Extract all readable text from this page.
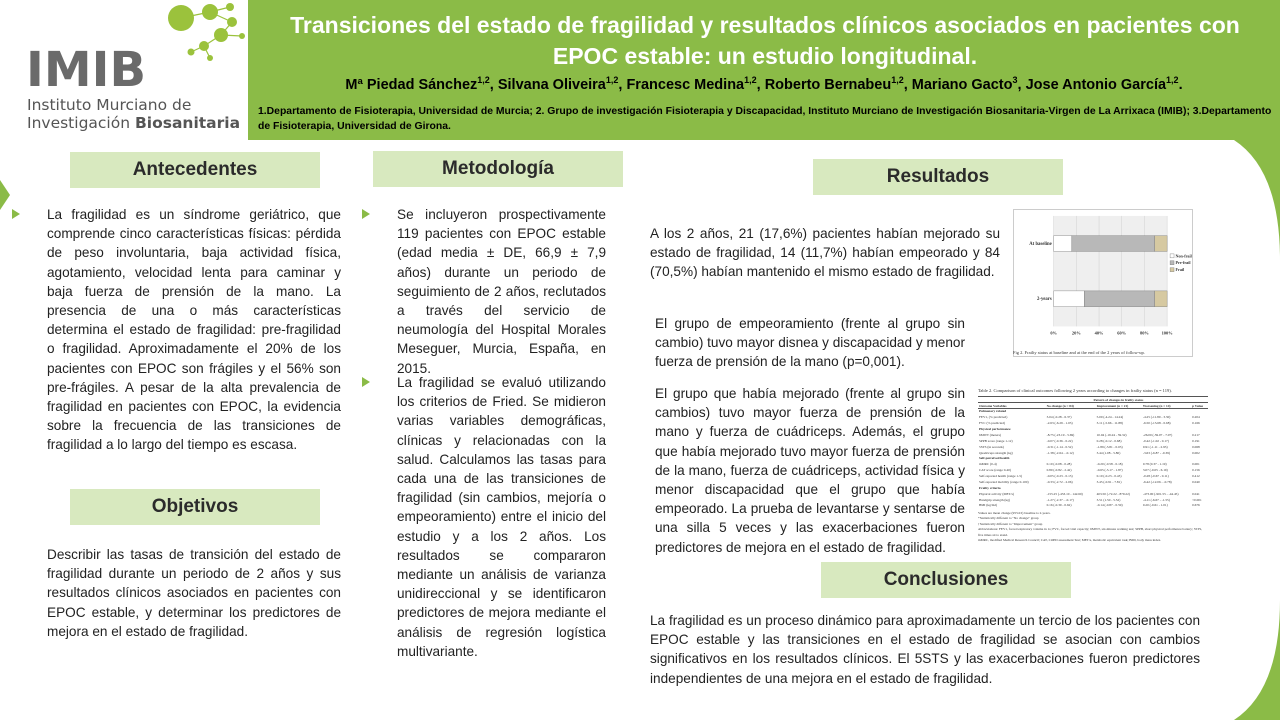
IMIB
Instituto Murciano de
Investigación Biosanitaria
Transiciones del estado de fragilidad y resultados clínicos asociados en pacientes con EPOC estable: un estudio longitudinal.
Mª Piedad Sánchez$^{1,2}$, Silvana Oliveira$^{1,2}$, Francesc Medina$^{1,2}$, Roberto Bernabeu$^{1,2}$, Mariano Gacto$^3$, Jose Antonio García$^{1,2}$.
1.Departamento de Fisioterapia, Universidad de Murcia; 2. Grupo de investigación Fisioterapia y Discapacidad, Instituto Murciano de Investigación Biosanitaria-Virgen de La Arrixaca (IMIB); 3.Departamento de Fisioterapia, Universidad de Girona.
Antecedentes
La fragilidad es un síndrome geriátrico, que comprende cinco características físicas: pérdida de peso involuntaria, baja actividad física, agotamiento, velocidad lenta para caminar y baja fuerza de prensión de la mano. La presencia de una o más características determina el estado de fragilidad: pre-fragilidad o fragilidad. Aproximadamente el 20% de los pacientes con EPOC son frágiles y el 56% son pre-frágiles. A pesar de la alta prevalencia de fragilidad en pacientes con EPOC, la evidencia sobre la frecuencia de las transiciones de fragilidad a lo largo del tiempo es escasa.
Objetivos
Describir las tasas de transición del estado de fragilidad durante un periodo de 2 años y sus resultados clínicos asociados en pacientes con EPOC estable, y determinar los predictores de mejora en el estado de fragilidad.
Metodología
Se incluyeron prospectivamente 119 pacientes con EPOC estable (edad media ± DE, 66,9 ± 7,9 años) durante un periodo de seguimiento de 2 años, reclutados a través del servicio de neumología del Hospital Morales Meseguer, Murcia, España, en 2015.
La fragilidad se evaluó utilizando los criterios de Fried. Se midieron varias variables demográficas, clínicas y relacionadas con la salud. Calculamos las tasas para cada una de las transiciones de fragilidad (sin cambios, mejoría o empeoramiento) entre el inicio del estudio y a los 2 años. Los resultados se compararon mediante un análisis de varianza unidireccional y se identificaron predictores de mejora mediante el análisis de regresión logística multivariante.
Resultados
A los 2 años, 21 (17,6%) pacientes habían mejorado su estado de fragilidad, 14 (11,7%) habían empeorado y 84 (70,5%) habían mantenido el mismo estado de fragilidad.
0%	20%	40%	60%	80%	100%
At baseline
2-years
Non-frail
Pre-frail
Frail
Fig 2. Frailty status at baseline and at the end of the 2 years of follow-up.
El grupo de empeoramiento (frente al grupo sin cambio) tuvo mayor disnea y discapacidad y menor fuerza de prensión de la mano (p=0,001).
El grupo que había mejorado (frente al grupo sin cambios) tuvo mayor fuerza de prensión de la mano y fuerza de cuádriceps. Además, el grupo que había mejorado tuvo mayor fuerza de prensión de la mano, fuerza de cuádriceps, actividad física y menor discapacidad que el grupo que había empeorado. La prueba de levantarse y sentarse de una silla 5 veces y las exacerbaciones fueron predictores de mejora en el estado de fragilidad.
Table 2. Comparison of clinical outcomes following 2 years according to changes in frailty status (n = 119).
	Pattern of changes in frailty status			
Outcome Variables	No change (n = 84)	Improvement (n = 21)	Worsening (n = 14)	p Value
Pulmonary related				
FEV1, (% predicted)	3.04 (-0.28 - 6.37)	5.00 (-4.24 - 14.24)	-4.25 (-11.80 - 3.30)	0.204
FVC (% predicted)	-2.63 (-6.29 - 1.03)	3.11 (-5.66 - 11.88)	-6.50 (-13.68 - 0.68)	0.166
Physical performance				
6MWT (meters)	-8.75 (-23.19 - 5.69)	10.04 (-19.24 - 39.32)	-26.00 (-59.07 - 7.07)	0.217
SPPB score (range 1-12)	-0.07 (-0.36 - 0.22)	0.28 (-0.12 - 0.68)	-0.42 (-1.02 - 0.17)	0.191
5STS (in seconds)	-0.31 (-1.14 - 0.52)	-1.89 (-3.81 - 0.03)	0.91 (-1.11 - 2.93)	0.068
Quadriceps strength (kg)	-1.38 (-2.64 - -0.12)	3.44 (1.08 - 5.80)	-3.63 (-6.87 - -0.39)	0.002
Self-perceived health				
mMRC (0-4)	0.10 (-0.08 - 0.28)	-0.20 (-0.58 - 0.18)	0.78 (0.37 - 1.19)	0.001
CAT score (range 0-40)	0.80 (-0.82 - 2.42)	-0.65 (-3.17 - 1.87)	3.07 (-0.05 - 6.19)	0.156
Self-reported health (range 1-5)	-0.05 (-0.23 - 0.13)	0.10 (-0.23 - 0.43)	-0.28 (-0.67 - 0.11)	0.412
Self-reported mobility (range 0-100)	-0.33 (-2.72 - 2.06)	3.45 (-0.91 - 7.81)	-6.42 (-12.06 - -0.78)	0.040
Frailty criteria				
Physical activity (MET/s)	-155.25 (-453.10 - 142.60)	403.50 (-72.22 - 879.22)	-473.00 (-901.55 - -44.45)	0.041
Handgrip strength (kg)	-1.27 (-2.37 - -0.17)	3.51 (1.50 - 5.52)	-4.11 (-6.67 - -1.55)	<0.001
BMI (kg/m2)	0.16 (-0.30 - 0.62)	-0.14 (-0.87 - 0.59)	0.20 (-0.61 - 1.01)	0.676
Values are mean change (95%CI) baseline to 2-years.
*Statistically different to "No change" group
†Statistically different to "Improvement" group
Abbreviations: FEV1, forced expiratory volume in 1s; FVC, forced vital capacity; 6MWT, six-minute walking test; SPPB, short physical performance battery; 5STS, five times sit to stand.
mMRC, modified Medical Research Council; CAT, COPD assessment Test; MET/s, metabolic equivalent task; BMI, body mass index.
Conclusiones
La fragilidad es un proceso dinámico para aproximadamente un tercio de los pacientes con EPOC estable y las transiciones en el estado de fragilidad se asocian con cambios significativos en los resultados clínicos. El 5STS y las exacerbaciones fueron predictores independientes de una mejora en el estado de fragilidad.
